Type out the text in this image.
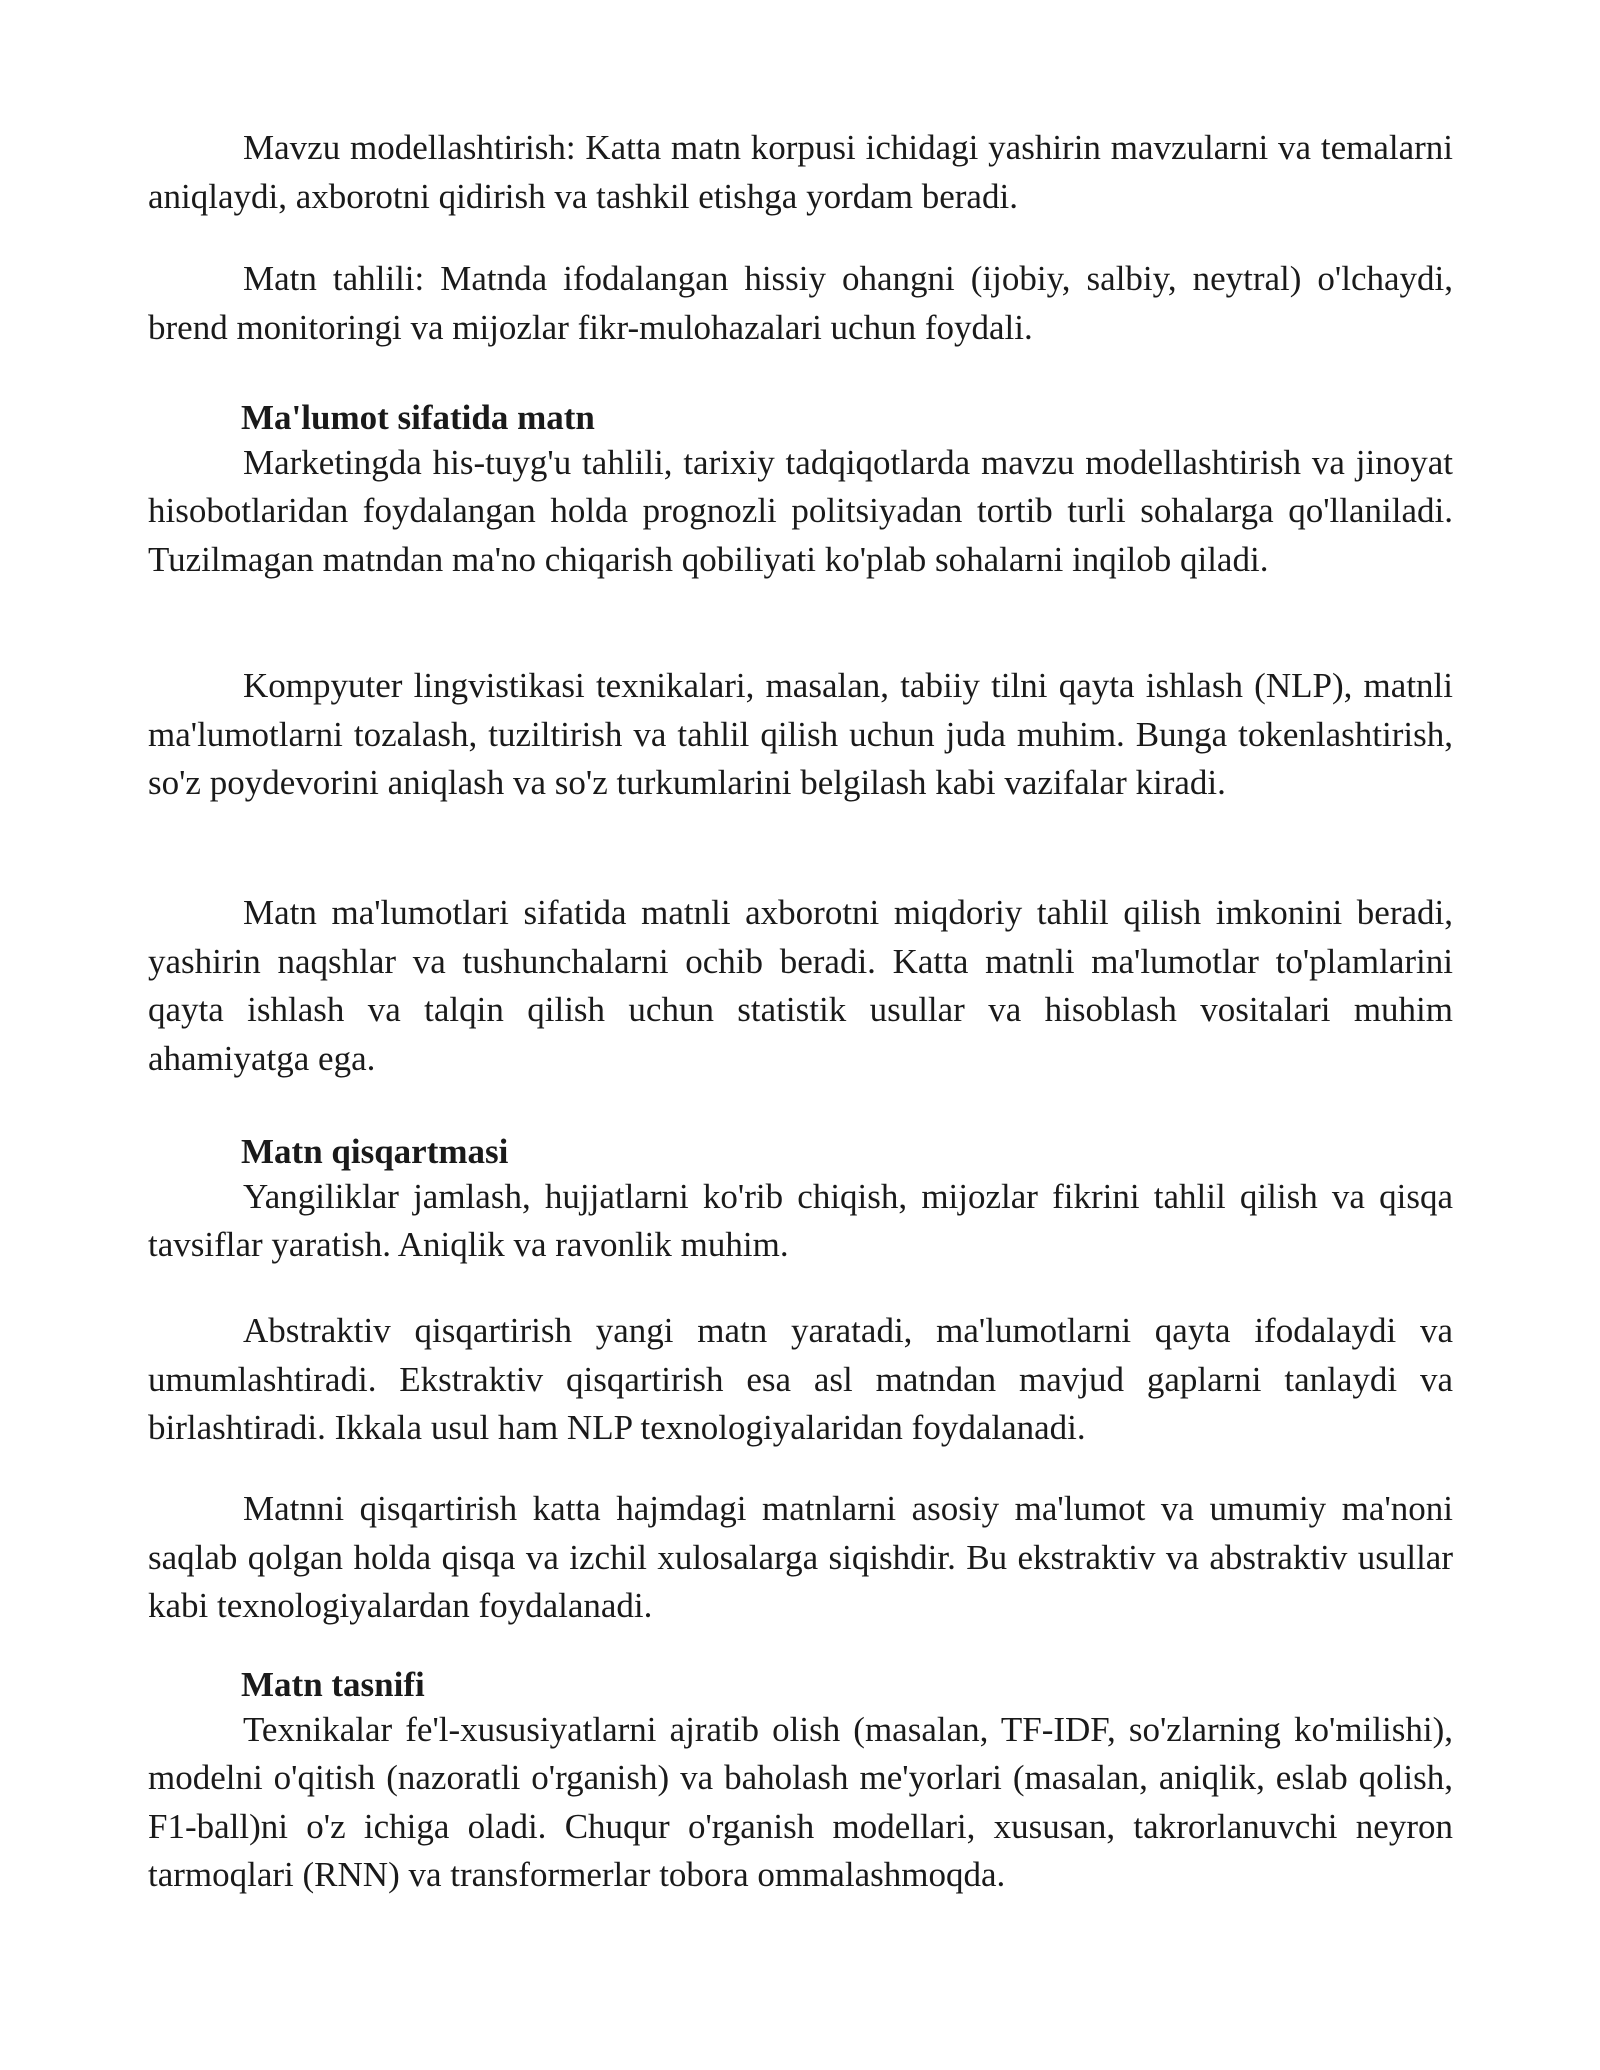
Mavzu modellashtirish: Katta matn korpusi ichidagi yashirin mavzularni va temalarni aniqlaydi, axborotni qidirish va tashkil etishga yordam beradi.

Matn tahlili: Matnda ifodalangan hissiy ohangni (ijobiy, salbiy, neytral) o'lchaydi, brend monitoringi va mijozlar fikr-mulohazalari uchun foydali.

Ma'lumot sifatida matn

Marketingda his-tuyg'u tahlili, tarixiy tadqiqotlarda mavzu modellashtirish va jinoyat hisobotlaridan foydalangan holda prognozli politsiyadan tortib turli sohalarga qo'llaniladi. Tuzilmagan matndan ma'no chiqarish qobiliyati ko'plab sohalarni inqilob qiladi.

Kompyuter lingvistikasi texnikalari, masalan, tabiiy tilni qayta ishlash (NLP), matnli ma'lumotlarni tozalash, tuziltirish va tahlil qilish uchun juda muhim. Bunga tokenlashtirish, so'z poydevorini aniqlash va so'z turkumlarini belgilash kabi vazifalar kiradi.

Matn ma'lumotlari sifatida matnli axborotni miqdoriy tahlil qilish imkonini beradi, yashirin naqshlar va tushunchalarni ochib beradi. Katta matnli ma'lumotlar to'plamlarini qayta ishlash va talqin qilish uchun statistik usullar va hisoblash vositalari muhim ahamiyatga ega.

Matn qisqartmasi

Yangiliklar jamlash, hujjatlarni ko'rib chiqish, mijozlar fikrini tahlil qilish va qisqa tavsiflar yaratish. Aniqlik va ravonlik muhim.

Abstraktiv qisqartirish yangi matn yaratadi, ma'lumotlarni qayta ifodalaydi va umumlashtiradi. Ekstraktiv qisqartirish esa asl matndan mavjud gaplarni tanlaydi va birlashtiradi. Ikkala usul ham NLP texnologiyalaridan foydalanadi.

Matnni qisqartirish katta hajmdagi matnlarni asosiy ma'lumot va umumiy ma'noni saqlab qolgan holda qisqa va izchil xulosalarga siqishdir. Bu ekstraktiv va abstraktiv usullar kabi texnologiyalardan foydalanadi.

Matn tasnifi

Texnikalar fe'l-xususiyatlarni ajratib olish (masalan, TF-IDF, so'zlarning ko'milishi), modelni o'qitish (nazoratli o'rganish) va baholash me'yorlari (masalan, aniqlik, eslab qolish, F1-ball)ni o'z ichiga oladi. Chuqur o'rganish modellari, xususan, takrorlanuvchi neyron tarmoqlari (RNN) va transformerlar tobora ommalashmoqda.
